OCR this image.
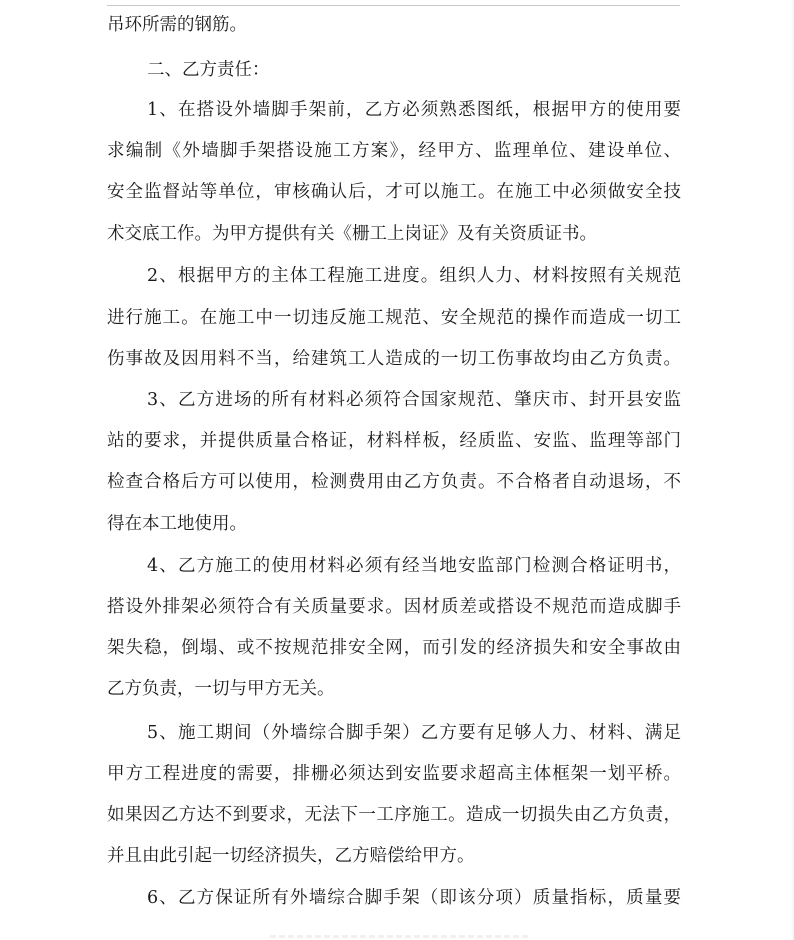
吊环所需的钢筋。
二、乙方责任：
1、在搭设外墙脚手架前，乙方必须熟悉图纸，根据甲方的使用要
求编制《外墙脚手架搭设施工方案》，经甲方、监理单位、建设单位、
安全监督站等单位，审核确认后，才可以施工。在施工中必须做安全技
术交底工作。为甲方提供有关《栅工上岗证》及有关资质证书。
2、根据甲方的主体工程施工进度。组织人力、材料按照有关规范
进行施工。在施工中一切违反施工规范、安全规范的操作而造成一切工
伤事故及因用料不当，给建筑工人造成的一切工伤事故均由乙方负责。
3、乙方进场的所有材料必须符合国家规范、肇庆市、封开县安监
站的要求，并提供质量合格证，材料样板，经质监、安监、监理等部门
检查合格后方可以使用，检测费用由乙方负责。不合格者自动退场，不
得在本工地使用。
4、乙方施工的使用材料必须有经当地安监部门检测合格证明书，
搭设外排架必须符合有关质量要求。因材质差或搭设不规范而造成脚手
架失稳，倒塌、或不按规范排安全网，而引发的经济损失和安全事故由
乙方负责，一切与甲方无关。
5、施工期间（外墙综合脚手架）乙方要有足够人力、材料、满足
甲方工程进度的需要，排栅必须达到安监要求超高主体框架一划平桥。
如果因乙方达不到要求，无法下一工序施工。造成一切损失由乙方负责，
并且由此引起一切经济损失，乙方赔偿给甲方。
6、乙方保证所有外墙综合脚手架（即该分项）质量指标，质量要
